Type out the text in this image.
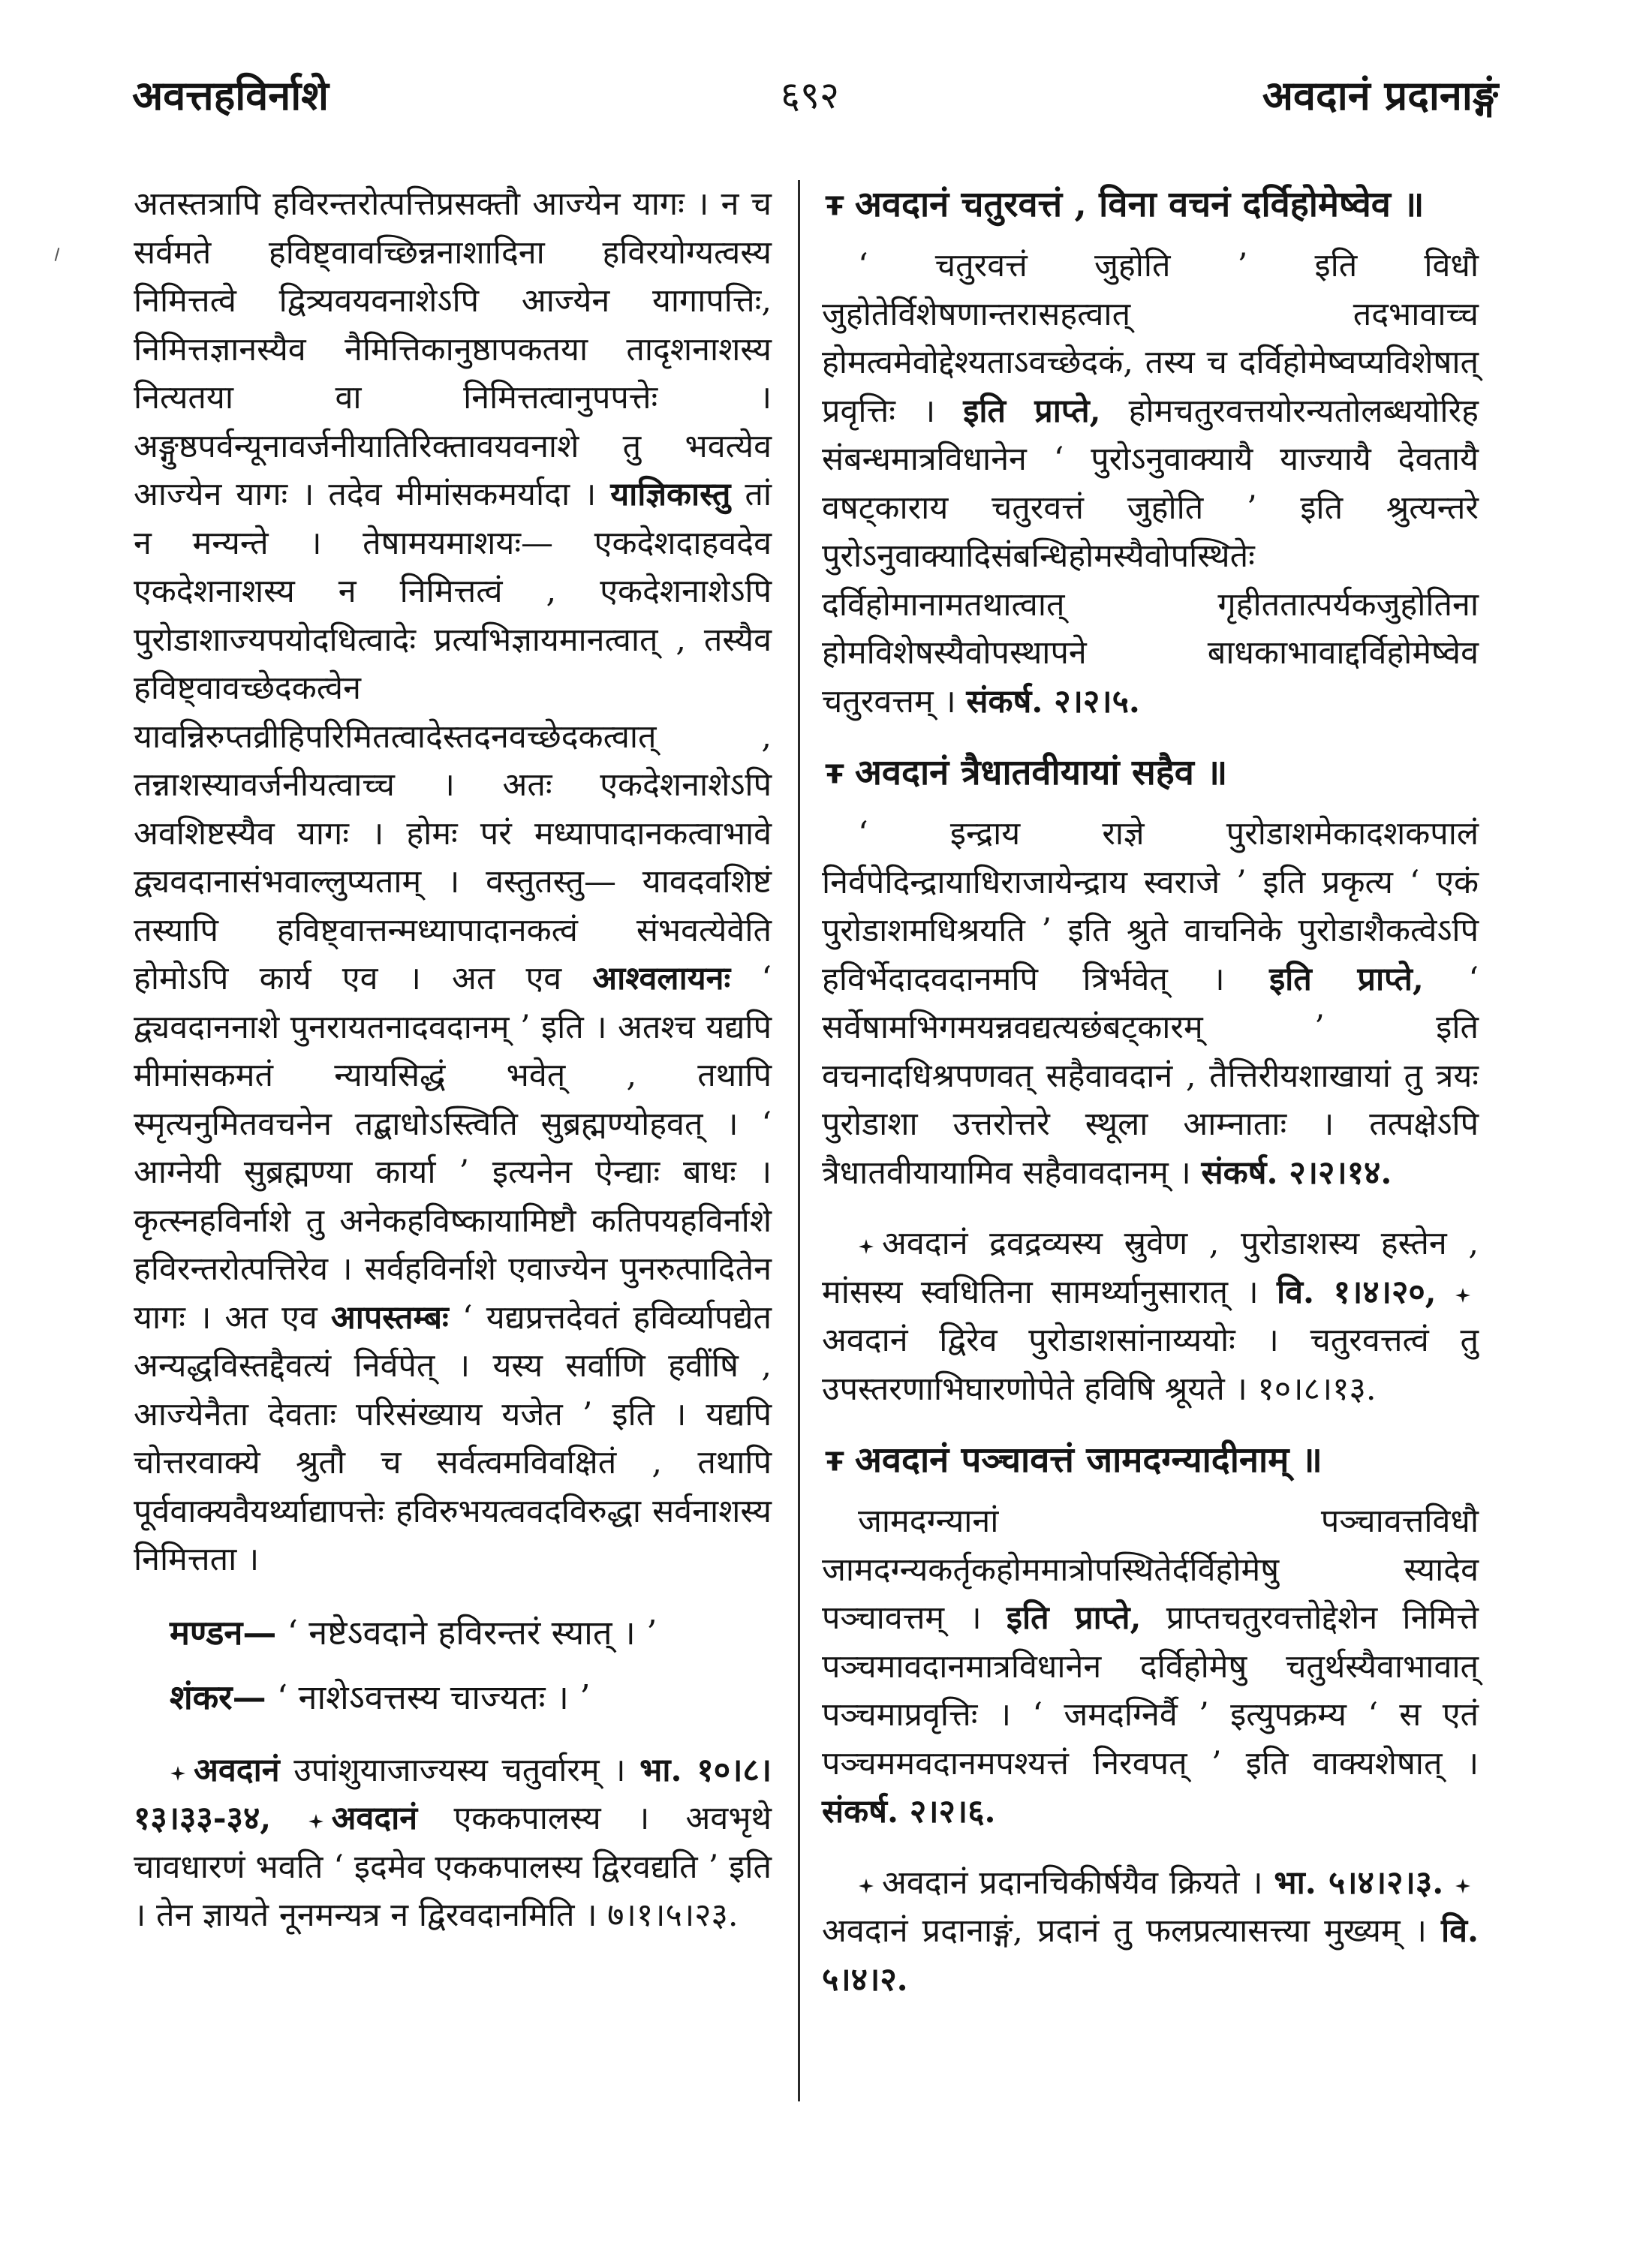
अवत्तहविर्नाशे	६९२	अवदानं प्रदानाङ्गं

अतस्तत्रापि हविरन्तरोत्पत्तिप्रसक्तौ आज्येन यागः । न च सर्वमते हविष्ट्वावच्छिन्ननाशादिना हविरयोग्यत्वस्य निमित्तत्वे द्वित्र्यवयवनाशेऽपि आज्येन यागापत्तिः, निमित्तज्ञानस्यैव नैमित्तिकानुष्ठापकतया तादृशनाशस्य नित्यतया वा निमित्तत्वानुपपत्तेः । अङ्गुष्ठपर्वन्यूनावर्जनीयातिरिक्तावयवनाशे तु भवत्येव आज्येन यागः । तदेव मीमांसकमर्यादा । याज्ञिकास्तु तां न मन्यन्ते । तेषामयमाशयः— एकदेशदाहवदेव एकदेशनाशस्य न निमित्तत्वं , एकदेशनाशेऽपि पुरोडाशाज्यपयोदधित्वादेः प्रत्यभिज्ञायमानत्वात् , तस्यैव हविष्ट्वावच्छेदकत्वेन यावन्निरुप्तव्रीहिपरिमितत्वादेस्तदनवच्छेदकत्वात् , तन्नाशस्यावर्जनीयत्वाच्च । अतः एकदेशनाशेऽपि अवशिष्टस्यैव यागः । होमः परं मध्यापादानकत्वाभावे द्व्यवदानासंभवाल्लुप्यताम् । वस्तुतस्तु— यावदवशिष्टं तस्यापि हविष्ट्वात्तन्मध्यापादानकत्वं संभवत्येवेति होमोऽपि कार्य एव । अत एव आश्वलायनः ‘ द्व्यवदाननाशे पुनरायतनादवदानम् ’ इति । अतश्च यद्यपि मीमांसकमतं न्यायसिद्धं भवेत् , तथापि स्मृत्यनुमितवचनेन तद्बाधोऽस्त्विति सुब्रह्मण्योहवत् । ‘ आग्नेयी सुब्रह्मण्या कार्या ’ इत्यनेन ऐन्द्याः बाधः । कृत्स्नहविर्नाशे तु अनेकहविष्कायामिष्टौ कतिपयहविर्नाशे हविरन्तरोत्पत्तिरेव । सर्वहविर्नाशे एवाज्येन पुनरुत्पादितेन यागः । अत एव आपस्तम्बः ‘ यद्यप्रत्तदेवतं हविर्व्यापद्येत अन्यद्धविस्तद्दैवत्यं निर्वपेत् । यस्य सर्वाणि हवींषि , आज्येनैता देवताः परिसंख्याय यजेत ’ इति । यद्यपि चोत्तरवाक्ये श्रुतौ च सर्वत्वमविवक्षितं , तथापि पूर्ववाक्यवैयर्थ्याद्यापत्तेः हविरुभयत्ववदविरुद्धा सर्वनाशस्य निमित्तता ।

मण्डन— ‘ नष्टेऽवदाने हविरन्तरं स्यात् । ’

शंकर— ‘ नाशेऽवत्तस्य चाज्यतः । ’

अवदानं उपांशुयाजाज्यस्य चतुर्वारम् । भा. १०।८।१३।३३-३४, अवदानं एककपालस्य । अवभृथे चावधारणं भवति ‘ इदमेव एककपालस्य द्विरवद्यति ’ इति । तेन ज्ञायते नूनमन्यत्र न द्विरवदानमिति । ७।१।५।२३.

अवदानं चतुरवत्तं , विना वचनं दर्विहोमेष्वेव ॥

‘ चतुरवत्तं जुहोति ’ इति विधौ जुहोतेर्विशेषणान्तरासहत्वात् तदभावाच्च होमत्वमेवोद्देश्यताऽवच्छेदकं, तस्य च दर्विहोमेष्वप्यविशेषात् प्रवृत्तिः । इति प्राप्ते, होमचतुरवत्तयोरन्यतोलब्धयोरिह संबन्धमात्रविधानेन ‘ पुरोऽनुवाक्यायै याज्यायै देवतायै वषट्काराय चतुरवत्तं जुहोति ’ इति श्रुत्यन्तरे पुरोऽनुवाक्यादिसंबन्धिहोमस्यैवोपस्थितेः दर्विहोमानामतथात्वात् गृहीततात्पर्यकजुहोतिना होमविशेषस्यैवोपस्थापने बाधकाभावाद्दर्विहोमेष्वेव चतुरवत्तम् । संकर्ष. २।२।५.

अवदानं त्रैधातवीयायां सहैव ॥

‘ इन्द्राय राज्ञे पुरोडाशमेकादशकपालं निर्वपेदिन्द्रायाधिराजायेन्द्राय स्वराजे ’ इति प्रकृत्य ‘ एकं पुरोडाशमधिश्रयति ’ इति श्रुते वाचनिके पुरोडाशैकत्वेऽपि हविर्भेदादवदानमपि त्रिर्भवेत् । इति प्राप्ते, ‘ सर्वेषामभिगमयन्नवद्यत्यछंबट्कारम् ’ इति वचनादधिश्रपणवत् सहैवावदानं , तैत्तिरीयशाखायां तु त्रयः पुरोडाशा उत्तरोत्तरे स्थूला आम्नाताः । तत्पक्षेऽपि त्रैधातवीयायामिव सहैवावदानम् । संकर्ष. २।२।१४.

अवदानं द्रवद्रव्यस्य स्रुवेण , पुरोडाशस्य हस्तेन , मांसस्य स्वधितिना सामर्थ्यानुसारात् । वि. १।४।२०, अवदानं द्विरेव पुरोडाशसांनाय्ययोः । चतुरवत्तत्वं तु उपस्तरणाभिघारणोपेते हविषि श्रूयते । १०।८।१३.

अवदानं पञ्चावत्तं जामदग्न्यादीनाम् ॥

जामदग्न्यानां पञ्चावत्तविधौ जामदग्न्यकर्तृकहोममात्रोपस्थितेर्दर्विहोमेषु स्यादेव पञ्चावत्तम् । इति प्राप्ते, प्राप्तचतुरवत्तोद्देशेन निमित्ते पञ्चमावदानमात्रविधानेन दर्विहोमेषु चतुर्थस्यैवाभावात् पञ्चमाप्रवृत्तिः । ‘ जमदग्निर्वै ’ इत्युपक्रम्य ‘ स एतं पञ्चममवदानमपश्यत्तं निरवपत् ’ इति वाक्यशेषात् । संकर्ष. २।२।६.

अवदानं प्रदानचिकीर्षयैव क्रियते । भा. ५।४।२।३. अवदानं प्रदानाङ्गं, प्रदानं तु फलप्रत्यासत्त्या मुख्यम् । वि. ५।४।२.
